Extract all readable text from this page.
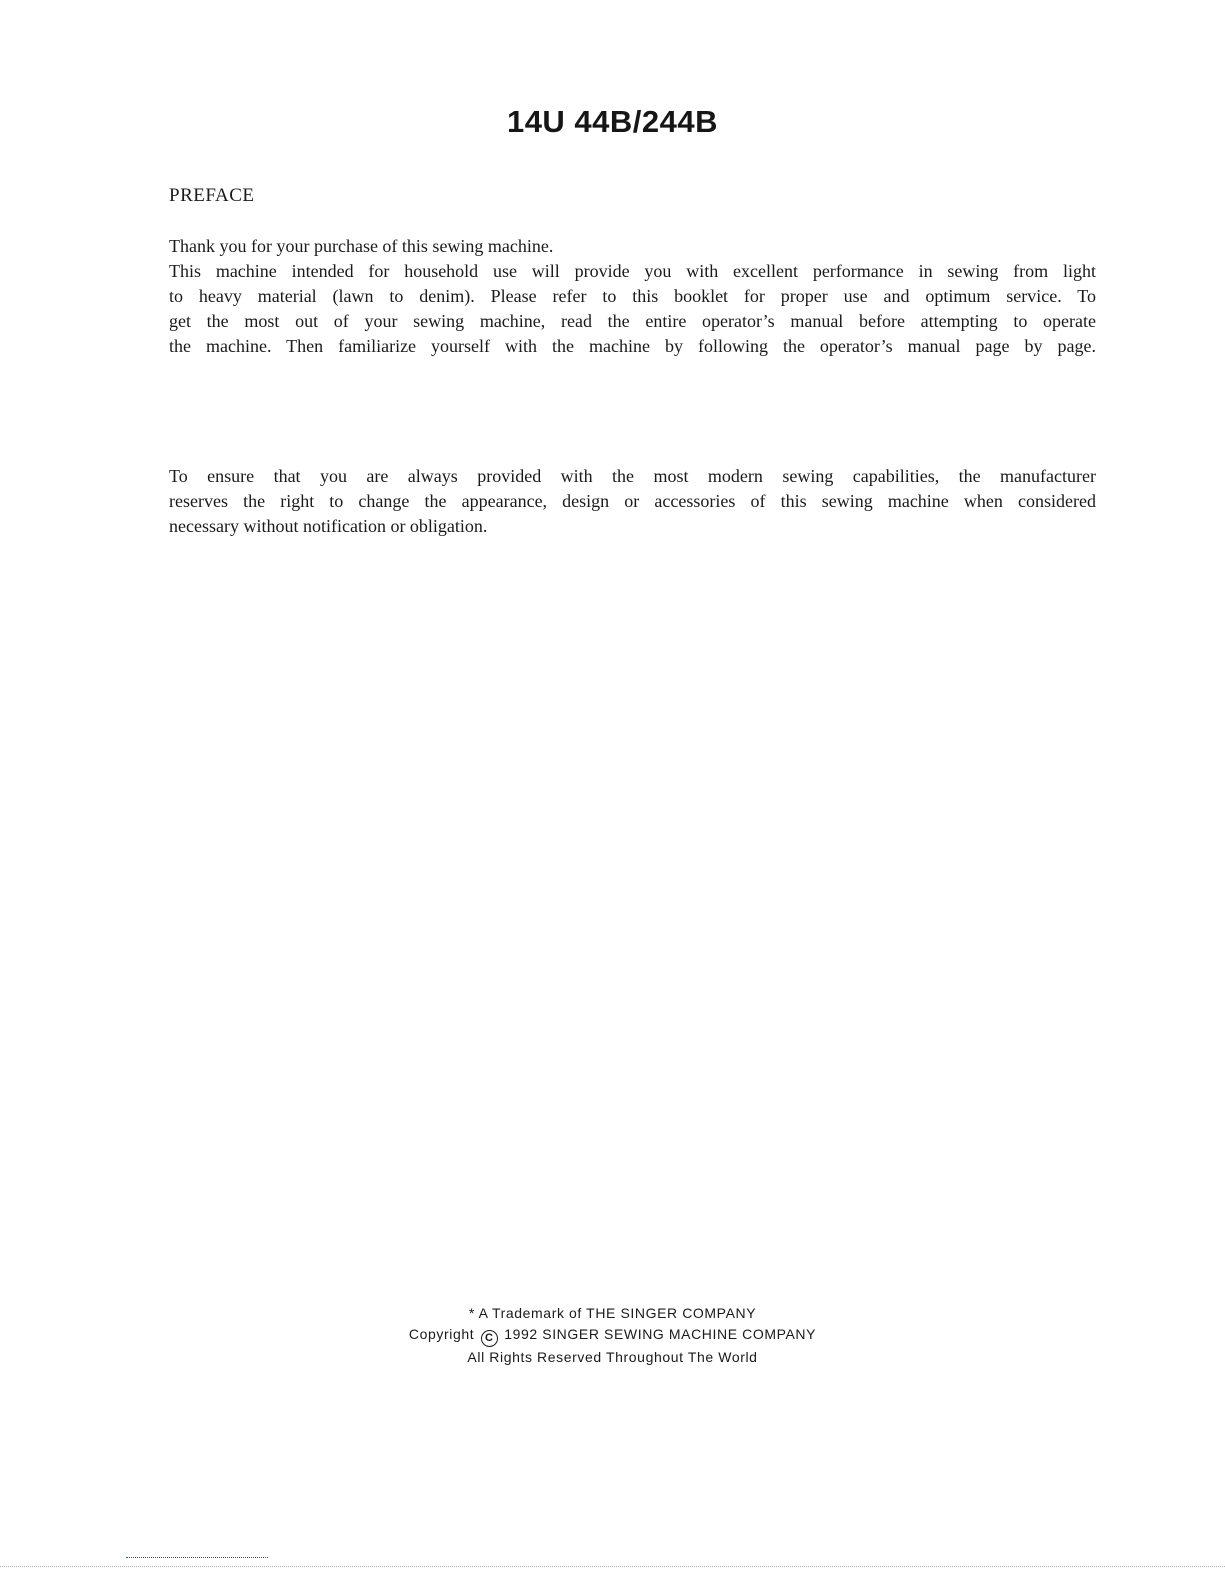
14U 44B/244B
PREFACE
Thank you for your purchase of this sewing machine.
This machine intended for household use will provide you with excellent performance in sewing from light
to heavy material (lawn to denim). Please refer to this booklet for proper use and optimum service. To
get the most out of your sewing machine, read the entire operator’s manual before attempting to operate
the machine. Then familiarize yourself with the machine by following the operator’s manual page by page.
To ensure that you are always provided with the most modern sewing capabilities, the manufacturer
reserves the right to change the appearance, design or accessories of this sewing machine when considered
necessary without notification or obligation.
* A Trademark of THE SINGER COMPANY
Copyright C 1992 SINGER SEWING MACHINE COMPANY
All Rights Reserved Throughout The World
